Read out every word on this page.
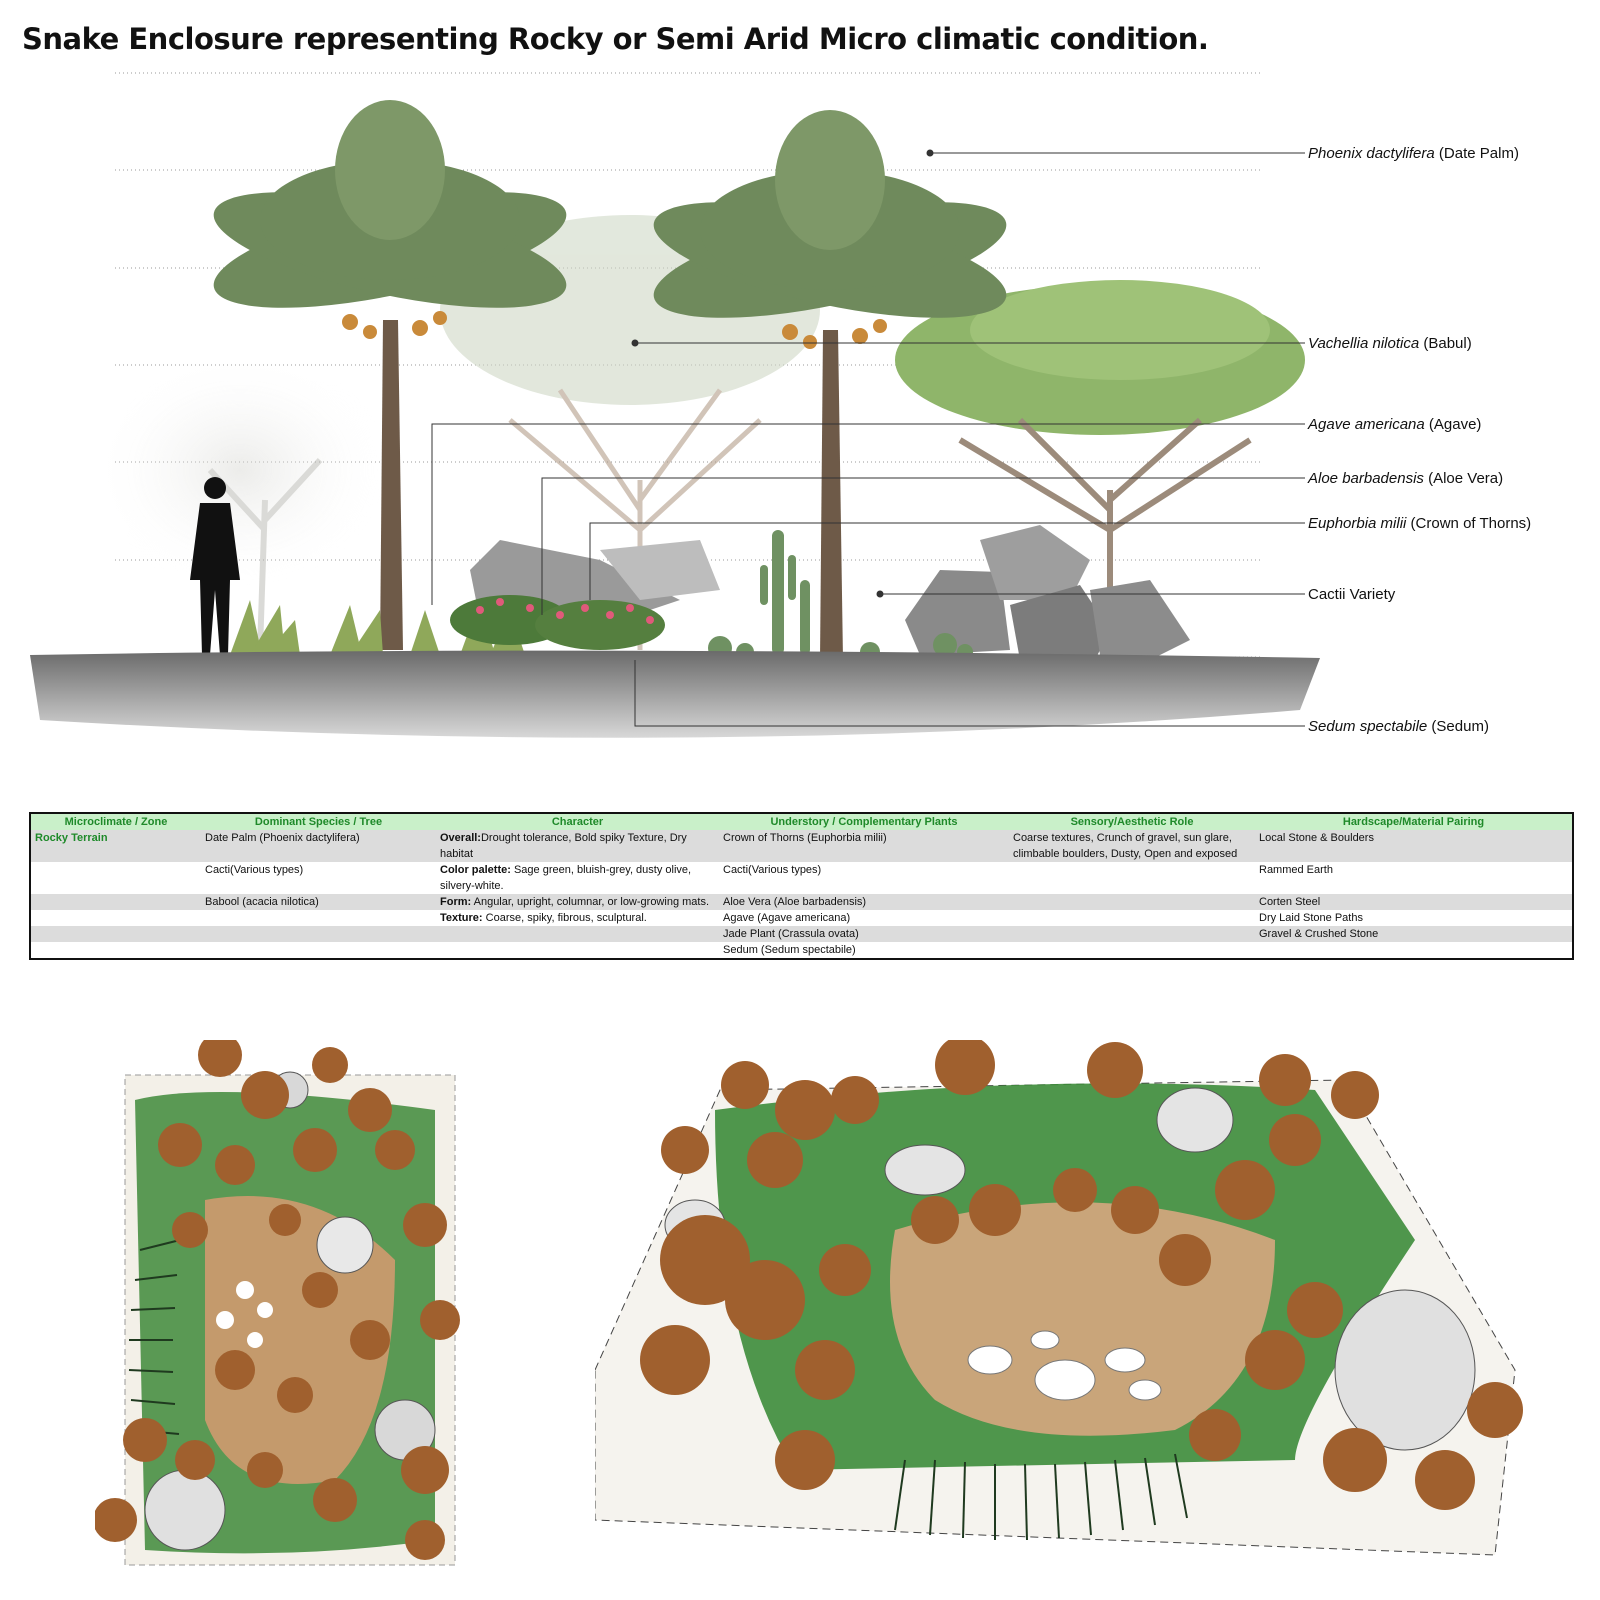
Snake Enclosure representing Rocky or Semi Arid Micro climatic condition.
Phoenix dactylifera (Date Palm)
Vachellia nilotica (Babul)
Agave americana (Agave)
Aloe barbadensis (Aloe Vera)
Euphorbia milii (Crown of Thorns)
Cactii Variety
Sedum spectabile (Sedum)
Microclimate / Zone	Dominant Species / Tree	Character	Understory / Complementary Plants	Sensory/Aesthetic Role	Hardscape/Material Pairing
Rocky Terrain	Date Palm (Phoenix dactylifera)	Overall:Drought tolerance, Bold spiky Texture, Dry habitat	Crown of Thorns (Euphorbia milii)	Coarse textures, Crunch of gravel, sun glare, climbable boulders, Dusty, Open and exposed	Local Stone & Boulders
	Cacti(Various types)	Color palette: Sage green, bluish-grey, dusty olive, silvery-white.	Cacti(Various types)		Rammed Earth
	Babool (acacia nilotica)	Form: Angular, upright, columnar, or low-growing mats.	Aloe Vera (Aloe barbadensis)		Corten Steel
		Texture: Coarse, spiky, fibrous, sculptural.	Agave (Agave americana)		Dry Laid Stone Paths
			Jade Plant (Crassula ovata)		Gravel & Crushed Stone
			Sedum (Sedum spectabile)		
